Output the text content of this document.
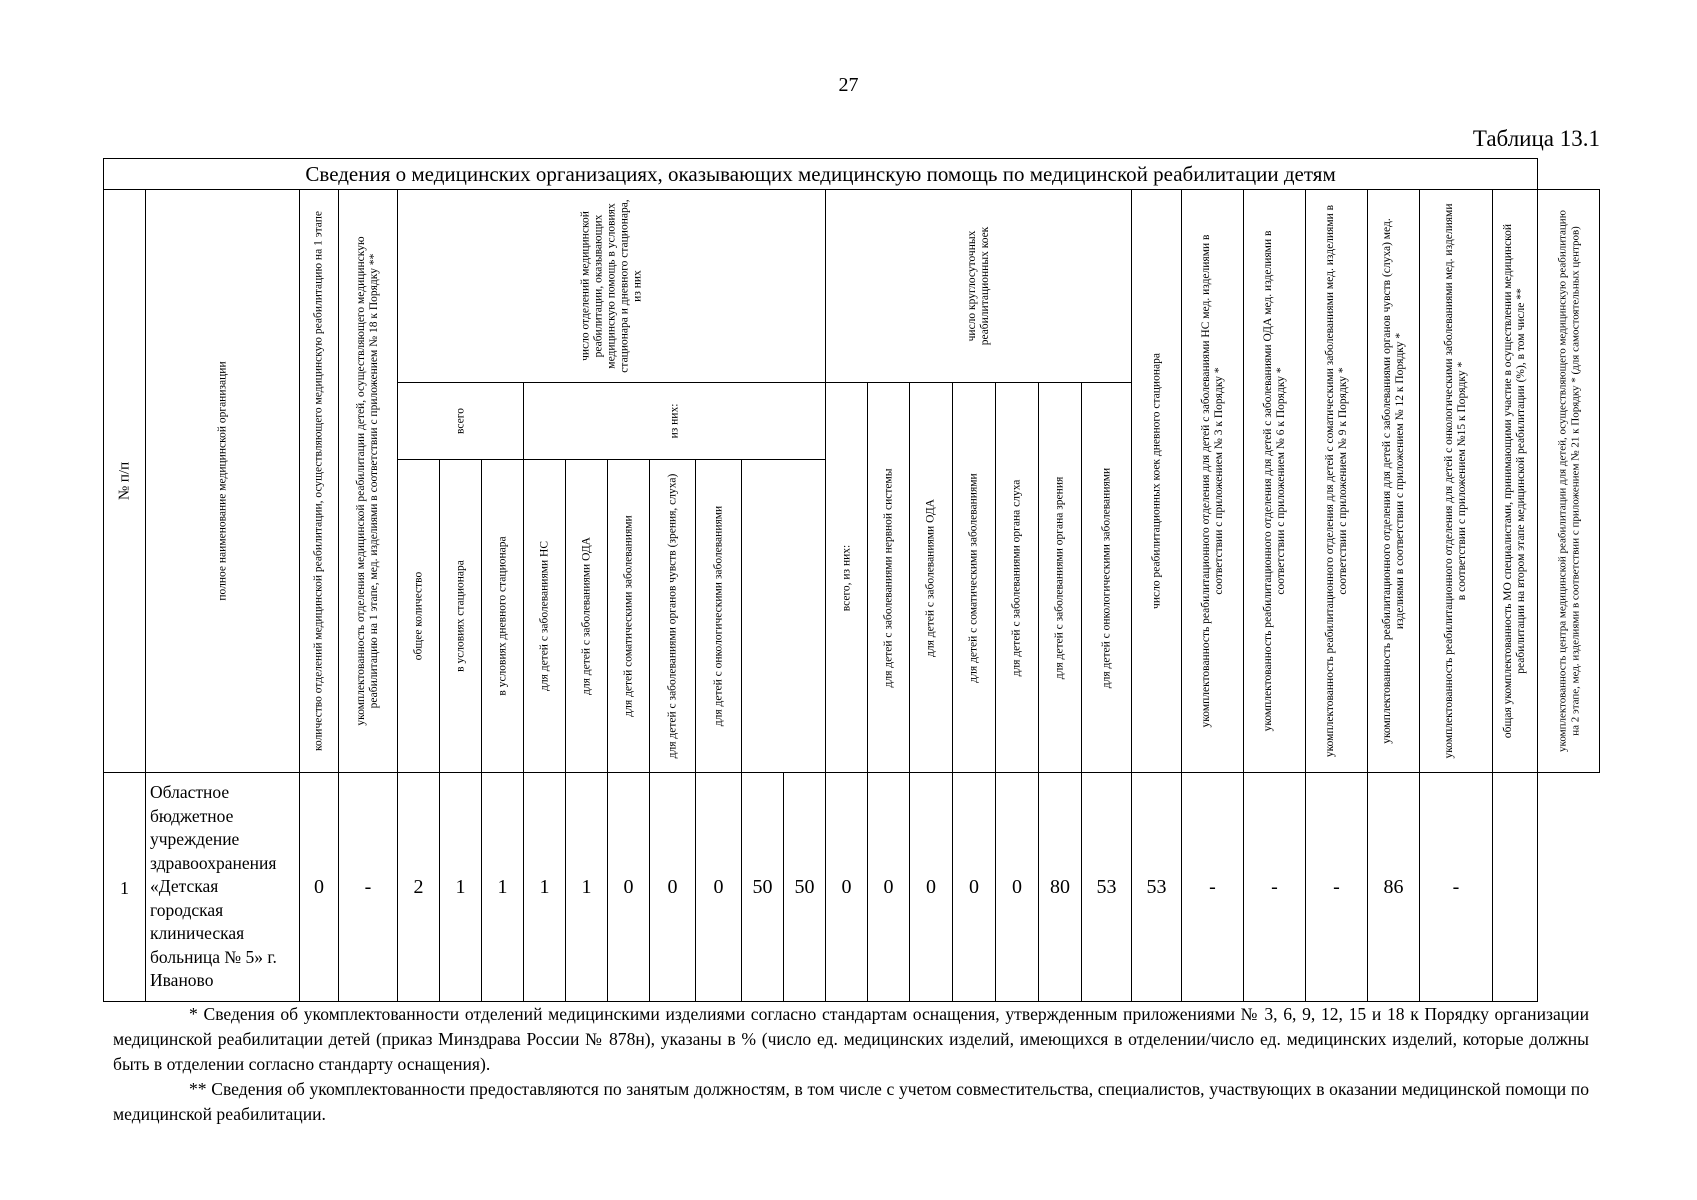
27
Таблица 13.1
Сведения о медицинских организациях, оказывающих медицинскую помощь по медицинской реабилитации детям																												

№ п/п	полное наименование медицинской организации	количество отделений медицинской реабилитации, осуществляющего медицинскую реабилитацию на 1 этапе	укомплектованность отделения медицинской реабилитации детей, осуществляющего медицинскую реабилитацию на 1 этапе, мед. изделиями в соответствии с приложением № 18 к Порядку **	число отделений медицинской реабилитации, оказывающих медицинскую помощь в условиях стационара и дневного стационара, из них										число круглосуточных реабилитационных коек							число реабилитационных коек дневного стационара	укомплектованность реабилитационного отделения для детей с заболеваниями НС мед. изделиями в соответствии с приложением № 3 к Порядку *	укомплектованность реабилитационного отделения для детей с заболеваниями ОДА мед. изделиями в соответствии с приложением № 6 к Порядку *	укомплектованность реабилитационного отделения для детей с соматическими заболеваниями мед. изделиями в соответствии с приложением № 9 к Порядку *	укомплектованность реабилитационного отделения для детей с заболеваниями органов чувств (слуха) мед. изделиями в соответствии с приложением № 12 к Порядку *	укомплектованность реабилитационного отделения для детей с онкологическими заболеваниями мед. изделиями в соответствии с приложением №15 к Порядку *	общая укомплектованность МО специалистами, принимающими участие в осуществлении медицинской реабилитации на втором этапе медицинской реабилитации (%), в том числе **	укомплектованность центра медицинской реабилитации для детей, осуществляющего медицинскую реабилитацию на 2 этапе, мед. изделиями в соответствии с приложением № 21 к Порядку * (для самостоятельных центров)

				всего			из них:							всего, из них:	для детей с заболеваниями нервной системы	для детей с заболеваниями ОДА	для детей с соматическими заболеваниями	для детей с заболеваниями органа слуха	для детей с заболеваниями органа зрения	для детей с онкологическими заболеваниями								

				общее количество	в условиях стационара	в условиях дневного стационара	для детей с заболеваниями НС	для детей с заболеваниями ОДА	для детей соматическими заболеваниями	для детей с заболеваниями органов чувств (зрения, слуха)	для детей с онкологическими заболеваниями																	

1	Областное бюджетное учреждение здравоохранения «Детская городская клиническая больница № 5» г. Иваново	0	-	2	1	1	1	1	0	0	0	50	50	0	0	0	0	0	80	53	53	-	-	-	86	-		

* Сведения об укомплектованности отделений медицинскими изделиями согласно стандартам оснащения, утвержденным приложениями № 3, 6, 9, 12, 15 и 18 к Порядку организации медицинской реабилитации детей (приказ Минздрава России № 878н), указаны в % (число ед. медицинских изделий, имеющихся в отделении/число ед. медицинских изделий, которые должны быть в отделении согласно стандарту оснащения).

** Сведения об укомплектованности предоставляются по занятым должностям, в том числе с учетом совместительства, специалистов, участвующих в оказании медицинской помощи по медицинской реабилитации.
